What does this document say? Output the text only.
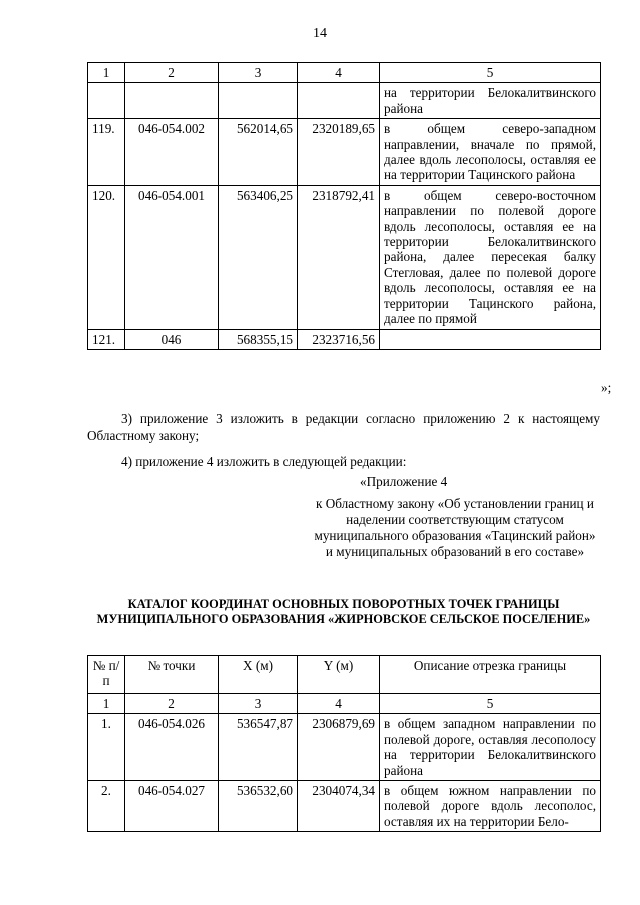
14
1	2	3	4	5
				на территории Белокалитвинского района
119.	046-054.002	562014,65	2320189,65	в общем северо-западном направлении, вначале по прямой, далее вдоль лесополосы, оставляя ее на территории Тацинского района
120.	046-054.001	563406,25	2318792,41	в общем северо-восточном направлении по полевой дороге вдоль лесополосы, оставляя ее на территории Белокалитвинского района, далее пересекая балку Стегловая, далее по полевой дороге вдоль лесополосы, оставляя ее на территории Тацинского района, далее по прямой
121.	046	568355,15	2323716,56	
»;
3) приложение 3 изложить в редакции согласно приложению 2 к настоящему Областному закону;
4) приложение 4 изложить в следующей редакции:
«Приложение 4
к Областному закону «Об установлении границ и наделении соответствующим статусом муниципального образования «Тацинский район» и муниципальных образований в его составе»
КАТАЛОГ КООРДИНАТ ОСНОВНЫХ ПОВОРОТНЫХ ТОЧЕК ГРАНИЦЫ МУНИЦИПАЛЬНОГО ОБРАЗОВАНИЯ «ЖИРНОВСКОЕ СЕЛЬСКОЕ ПОСЕЛЕНИЕ»
№ п/п	№ точки	X (м)	Y (м)	Описание отрезка границы
1	2	3	4	5
1.	046-054.026	536547,87	2306879,69	в общем западном направлении по полевой дороге, оставляя лесополосу на территории Белокалитвинского района
2.	046-054.027	536532,60	2304074,34	в общем южном направлении по полевой дороге вдоль лесополос, оставляя их на территории Бело-
